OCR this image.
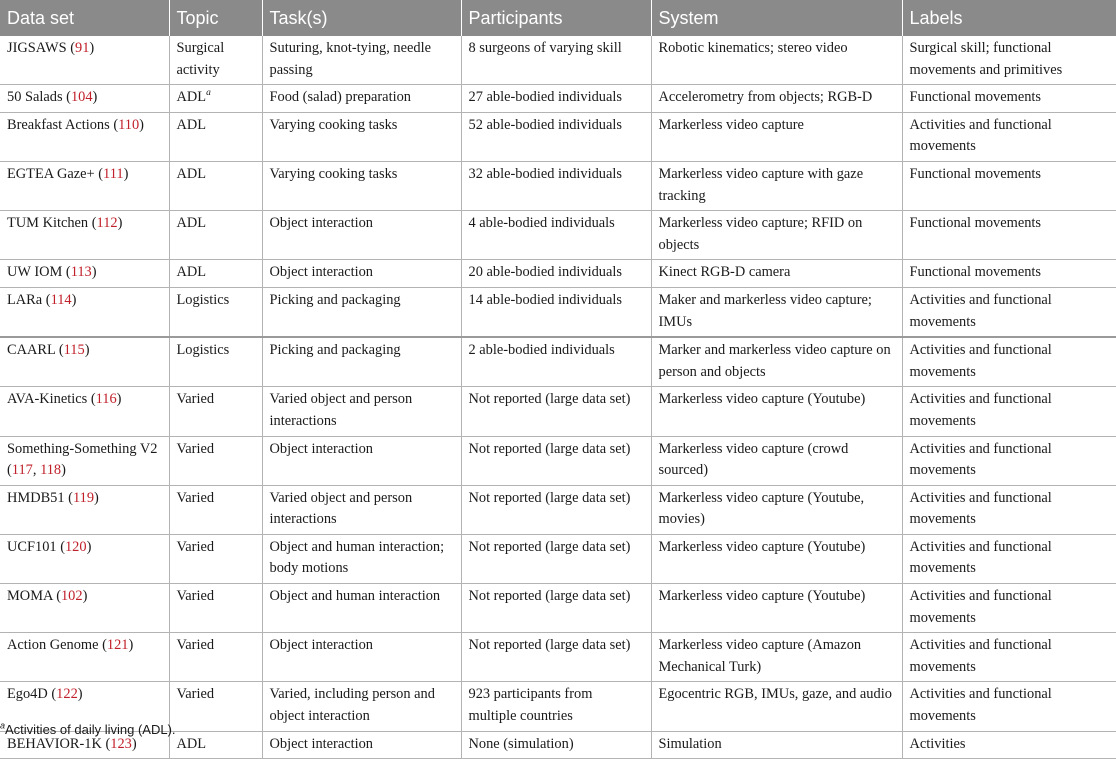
Data set	Topic	Task(s)	Participants	System	Labels
JIGSAWS (91)	Surgical activity	Suturing, knot-tying, needle passing	8 surgeons of varying skill	Robotic kinematics; stereo video	Surgical skill; functional movements and primitives
50 Salads (104)	ADL$^a$	Food (salad) preparation	27 able-bodied individuals	Accelerometry from objects; RGB-D	Functional movements
Breakfast Actions (110)	ADL	Varying cooking tasks	52 able-bodied individuals	Markerless video capture	Activities and functional movements
EGTEA Gaze+ (111)	ADL	Varying cooking tasks	32 able-bodied individuals	Markerless video capture with gaze tracking	Functional movements
TUM Kitchen (112)	ADL	Object interaction	4 able-bodied individuals	Markerless video capture; RFID on objects	Functional movements
UW IOM (113)	ADL	Object interaction	20 able-bodied individuals	Kinect RGB-D camera	Functional movements
LARa (114)	Logistics	Picking and packaging	14 able-bodied individuals	Maker and markerless video capture; IMUs	Activities and functional movements
CAARL (115)	Logistics	Picking and packaging	2 able-bodied individuals	Marker and markerless video capture on person and objects	Activities and functional movements
AVA-Kinetics (116)	Varied	Varied object and person interactions	Not reported (large data set)	Markerless video capture (Youtube)	Activities and functional movements
Something-Something V2 (117, 118)	Varied	Object interaction	Not reported (large data set)	Markerless video capture (crowd sourced)	Activities and functional movements
HMDB51 (119)	Varied	Varied object and person interactions	Not reported (large data set)	Markerless video capture (Youtube, movies)	Activities and functional movements
UCF101 (120)	Varied	Object and human interaction; body motions	Not reported (large data set)	Markerless video capture (Youtube)	Activities and functional movements
MOMA (102)	Varied	Object and human interaction	Not reported (large data set)	Markerless video capture (Youtube)	Activities and functional movements
Action Genome (121)	Varied	Object interaction	Not reported (large data set)	Markerless video capture (Amazon Mechanical Turk)	Activities and functional movements
Ego4D (122)	Varied	Varied, including person and object interaction	923 participants from multiple countries	Egocentric RGB, IMUs, gaze, and audio	Activities and functional movements
BEHAVIOR-1K (123)	ADL	Object interaction	None (simulation)	Simulation	Activities
$^a$Activities of daily living (ADL).
